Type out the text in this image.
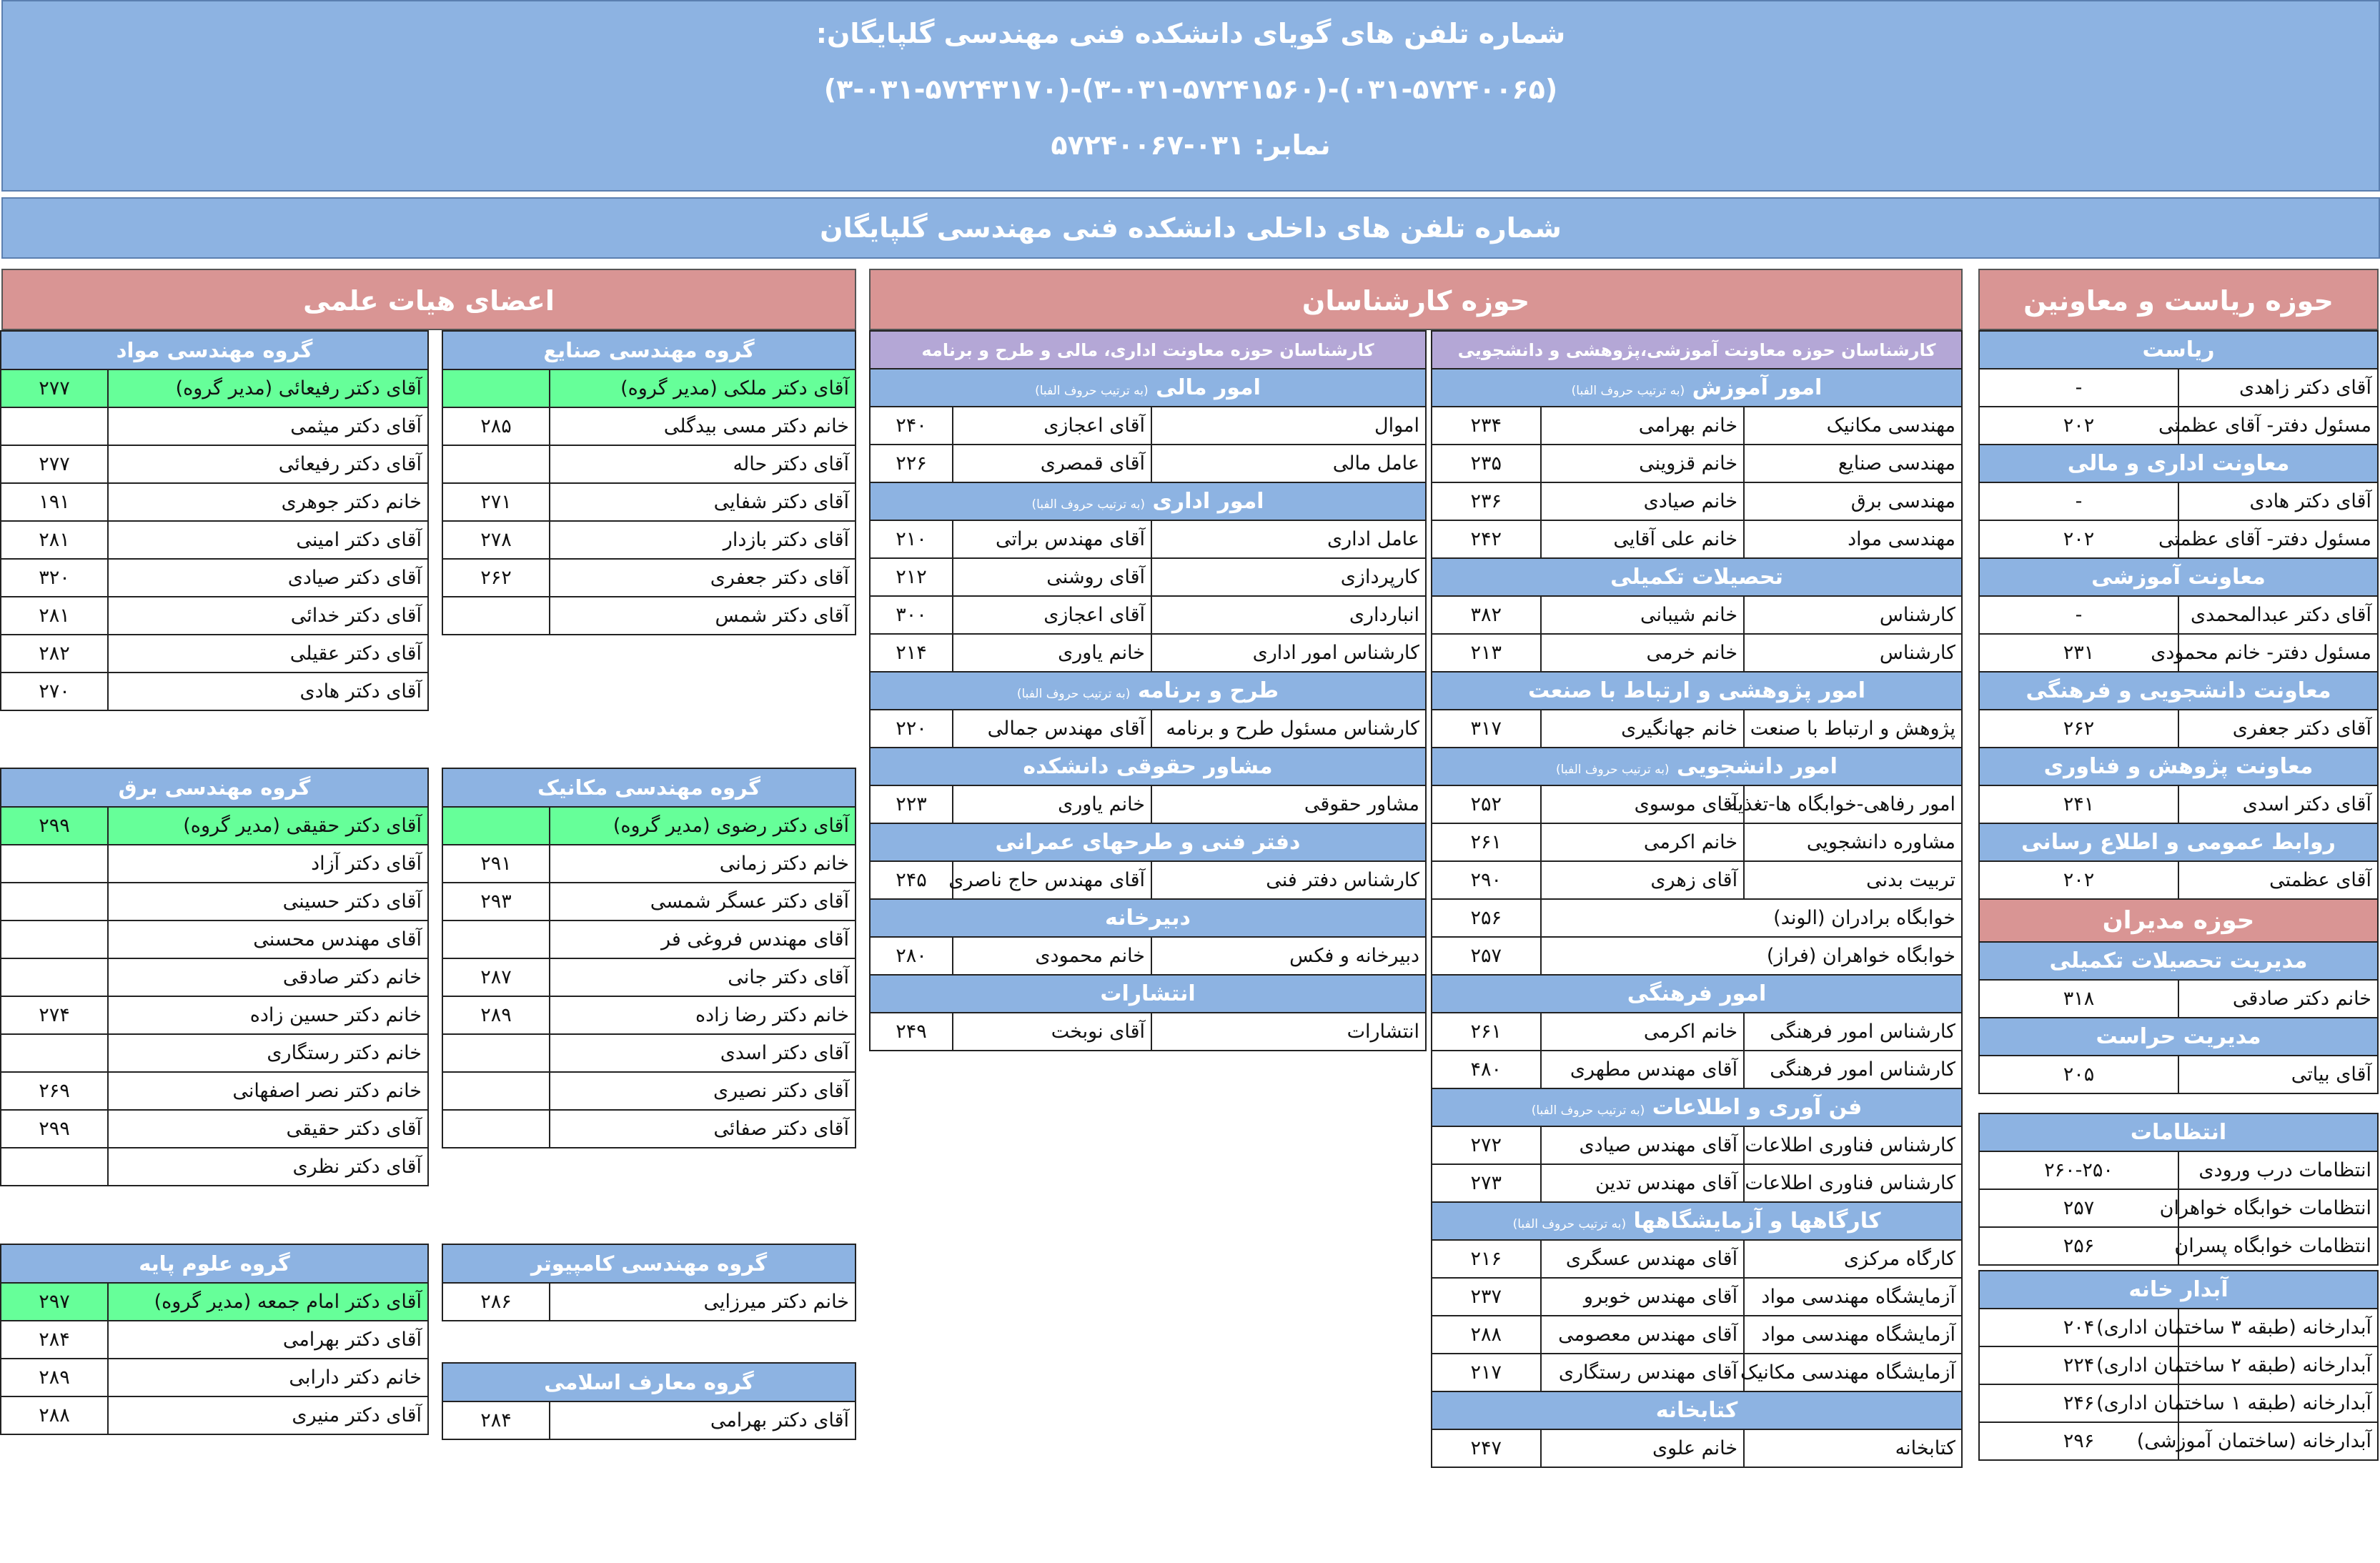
شماره تلفن های گویای دانشکده فنی مهندسی گلپایگان:
(۰۳۱-۵۷۲۴۰۰۶۵)-(۳-۰۳۱-۵۷۲۴۱۵۶۰)-(۳-۰۳۱-۵۷۲۴۳۱۷۰)
نمابر: ۰۳۱-۵۷۲۴۰۰۶۷
شماره تلفن های داخلی دانشکده فنی مهندسی گلپایگان
حوزه ریاست و معاونین
ریاست	
آقای دکتر زاهدی	-
مسئول دفتر- آقای عظمتی	۲۰۲
معاونت اداری و مالی	
آقای دکتر هادی	-
مسئول دفتر- آقای عظمتی	۲۰۲
معاونت آموزشی	
آقای دکتر عبدالمحمدی	-
مسئول دفتر- خانم محمودی	۲۳۱
معاونت دانشجویی و فرهنگی	
آقای دکتر جعفری	۲۶۲
معاونت پژوهش و فناوری	
آقای دکتر اسدی	۲۴۱
روابط عمومی و اطلاع رسانی	
آقای عظمتی	۲۰۲
حوزه مدیران	
مدیریت تحصیلات تکمیلی	
خانم دکتر صادقی	۳۱۸
مدیریت حراست	
آقای بیاتی	۲۰۵
انتظامات	
انتظامات درب ورودی	۲۶۰-۲۵۰
انتظامات خوابگاه خواهران	۲۵۷
انتظامات خوابگاه پسران	۲۵۶
آبدار خانه	
آبدارخانه (طبقه ۳ ساختمان اداری)	۲۰۴
آبدارخانه (طبقه ۲ ساختمان اداری)	۲۲۴
آبدارخانه (طبقه ۱ ساختمان اداری)	۲۴۶
آبدارخانه (ساختمان آموزشی)	۲۹۶
حوزه کارشناسان
کارشناسان حوزه معاونت آموزشی،پژوهشی و دانشجویی		
امور آموزش (به ترتیب حروف الفبا)		
مهندسی مکانیک	خانم بهرامی	۲۳۴
مهندسی صنایع	خانم قزوینی	۲۳۵
مهندسی برق	خانم صیادی	۲۳۶
مهندسی مواد	خانم علی آقایی	۲۴۲
تحصیلات تکمیلی		
کارشناس	خانم شیبانی	۳۸۲
کارشناس	خانم خرمی	۲۱۳
امور پژوهشی و ارتباط با صنعت		
پژوهش و ارتباط با صنعت	خانم جهانگیری	۳۱۷
امور دانشجویی (به ترتیب حروف الفبا)		
امور رفاهی-خوابگاه ها-تغذیه	آقای موسوی	۲۵۲
مشاوره دانشجویی	خانم اکرمی	۲۶۱
تربیت بدنی	آقای زهری	۲۹۰
خوابگاه برادران (الوند)		۲۵۶
خوابگاه خواهران (فراز)		۲۵۷
امور فرهنگی		
کارشناس امور فرهنگی	خانم اکرمی	۲۶۱
کارشناس امور فرهنگی	آقای مهندس مطهری	۴۸۰
فن آوری و اطلاعات (به ترتیب حروف الفبا)		
کارشناس فناوری اطلاعات	آقای مهندس صیادی	۲۷۲
کارشناس فناوری اطلاعات	آقای مهندس تدین	۲۷۳
کارگاهها و آزمایشگاهها (به ترتیب حروف الفبا)		
کارگاه مرکزی	آقای مهندس عسگری	۲۱۶
آزمایشگاه مهندسی مواد	آقای مهندس خوبرو	۲۳۷
آزمایشگاه مهندسی مواد	آقای مهندس معصومی	۲۸۸
آزمایشگاه مهندسی مکانیک	آقای مهندس رستگاری	۲۱۷
کتابخانه		
کتابخانه	خانم علوی	۲۴۷
کارشناسان حوزه معاونت اداری، مالی و طرح و برنامه		
امور مالی (به ترتیب حروف الفبا)		
اموال	آقای اعجازی	۲۴۰
عامل مالی	آقای قمصری	۲۲۶
امور اداری (به ترتیب حروف الفبا)		
عامل اداری	آقای مهندس براتی	۲۱۰
کارپردازی	آقای روشنی	۲۱۲
انبارداری	آقای اعجازی	۳۰۰
کارشناس امور اداری	خانم یاوری	۲۱۴
طرح و برنامه (به ترتیب حروف الفبا)		
کارشناس مسئول طرح و برنامه	آقای مهندس جمالی	۲۲۰
مشاور حقوقی دانشکده		
مشاور حقوقی	خانم یاوری	۲۲۳
دفتر فنی و طرحهای عمرانی		
کارشناس دفتر فنی	آقای مهندس حاج ناصری	۲۴۵
دبیرخانه		
دبیرخانه و فکس	خانم محمودی	۲۸۰
انتشارات		
انتشارات	آقای نوبخت	۲۴۹
اعضای هیات علمی
گروه مهندسی صنایع	
آقای دکتر ملکی (مدیر گروه)	
خانم دکتر مسی بیدگلی	۲۸۵
آقای دکتر حاله	
آقای دکتر شفایی	۲۷۱
آقای دکتر بازدار	۲۷۸
آقای دکتر جعفری	۲۶۲
آقای دکتر شمس	
گروه مهندسی مواد	
آقای دکتر رفیعائی (مدیر گروه)	۲۷۷
آقای دکتر میثمی	
آقای دکتر رفیعائی	۲۷۷
خانم دکتر جوهری	۱۹۱
آقای دکتر امینی	۲۸۱
آقای دکتر صیادی	۳۲۰
آقای دکتر خدائی	۲۸۱
آقای دکتر عقیلی	۲۸۲
آقای دکتر هادی	۲۷۰
گروه مهندسی مکانیک	
آقای دکتر رضوی (مدیر گروه)	
خانم دکتر زمانی	۲۹۱
آقای دکتر عسگر شمسی	۲۹۳
آقای مهندس فروغی فر	
آقای دکتر جانی	۲۸۷
خانم دکتر رضا زاده	۲۸۹
آقای دکتر اسدی	
آقای دکتر نصیری	
آقای دکتر صفائی	
گروه مهندسی برق	
آقای دکتر حقیقی (مدیر گروه)	۲۹۹
آقای دکتر آزاد	
آقای دکتر حسینی	
آقای مهندس محسنی	
خانم دکتر صادقی	
خانم دکتر حسین زاده	۲۷۴
خانم دکتر رستگاری	
خانم دکتر نصر اصفهانی	۲۶۹
آقای دکتر حقیقی	۲۹۹
آقای دکتر نظری	
گروه مهندسی کامپیوتر
خانم دکتر میرزایی	۲۸۶
گروه معارف اسلامی
آقای دکتر بهرامی	۲۸۴
گروه علوم پایه	
آقای دکتر امام جمعه (مدیر گروه)	۲۹۷
آقای دکتر بهرامی	۲۸۴
خانم دکتر دارابی	۲۸۹
آقای دکتر منیری	۲۸۸
